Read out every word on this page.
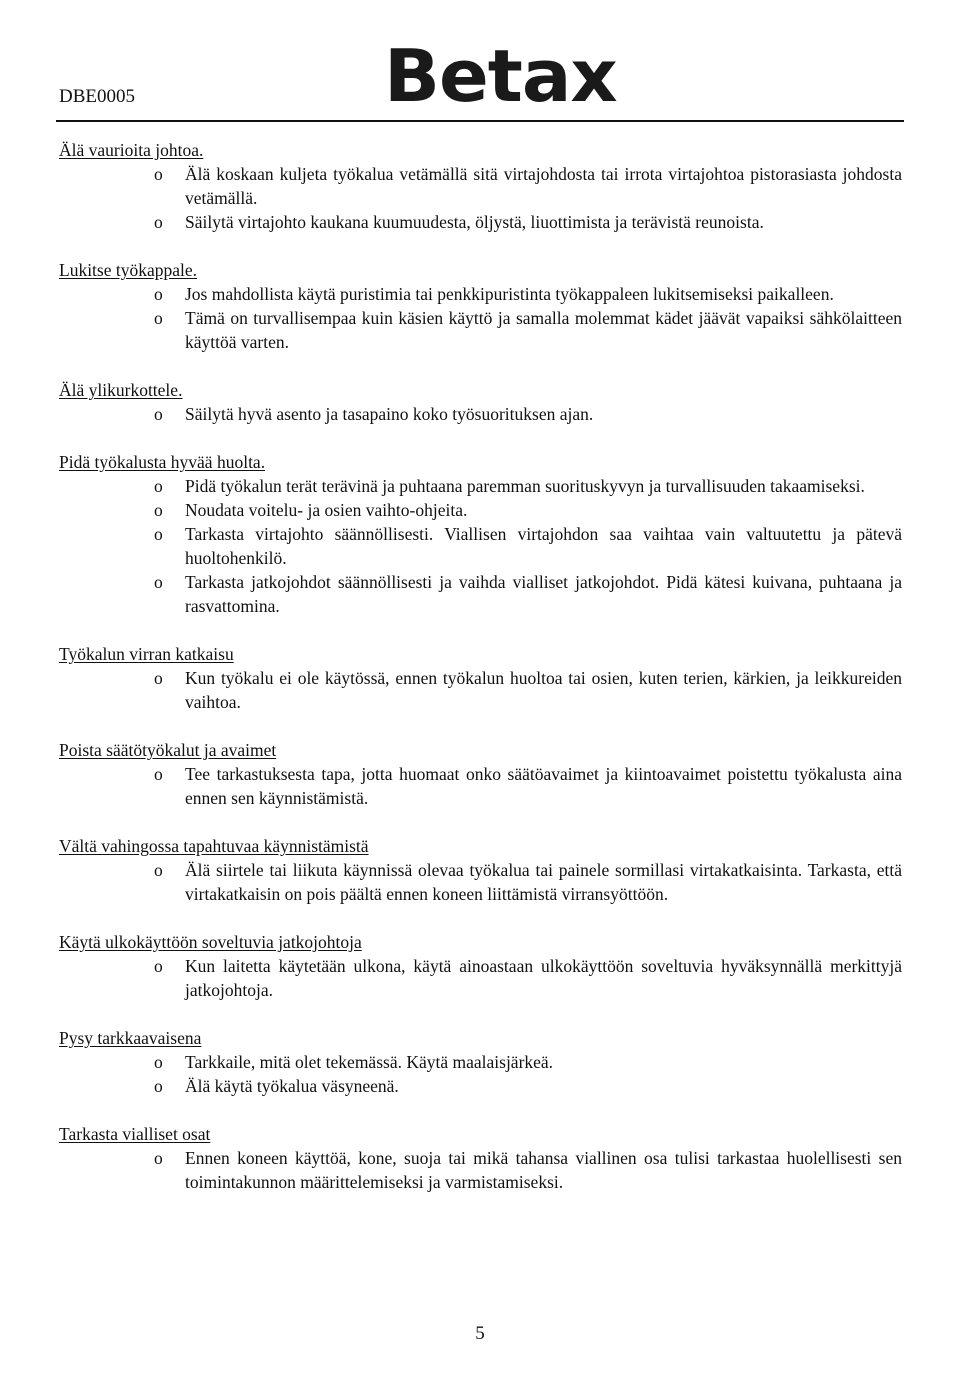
DBE0005	Betax
Älä vaurioita johtoa.
o Älä koskaan kuljeta työkalua vetämällä sitä virtajohdosta tai irrota virtajohtoa pistorasiasta johdosta vetämällä.
o Säilytä virtajohto kaukana kuumuudesta, öljystä, liuottimista ja terävistä reunoista.
Lukitse työkappale.
o Jos mahdollista käytä puristimia tai penkkipuristinta työkappaleen lukitsemiseksi paikalleen.
o Tämä on turvallisempaa kuin käsien käyttö ja samalla molemmat kädet jäävät vapaiksi sähkölaitteen käyttöä varten.
Älä ylikurkottele.
o Säilytä hyvä asento ja tasapaino koko työsuorituksen ajan.
Pidä työkalusta hyvää huolta.
o Pidä työkalun terät terävinä ja puhtaana paremman suorituskyvyn ja turvallisuuden takaamiseksi.
o Noudata voitelu- ja osien vaihto-ohjeita.
o Tarkasta virtajohto säännöllisesti. Viallisen virtajohdon saa vaihtaa vain valtuutettu ja pätevä huoltohenkilö.
o Tarkasta jatkojohdot säännöllisesti ja vaihda vialliset jatkojohdot. Pidä kätesi kuivana, puhtaana ja rasvattomina.
Työkalun virran katkaisu
o Kun työkalu ei ole käytössä, ennen työkalun huoltoa tai osien, kuten terien, kärkien, ja leikkureiden vaihtoa.
Poista säätötyökalut ja avaimet
o Tee tarkastuksesta tapa, jotta huomaat onko säätöavaimet ja kiintoavaimet poistettu työkalusta aina ennen sen käynnistämistä.
Vältä vahingossa tapahtuvaa käynnistämistä
o Älä siirtele tai liikuta käynnissä olevaa työkalua tai painele sormillasi virtakatkaisinta. Tarkasta, että virtakatkaisin on pois päältä ennen koneen liittämistä virransyöttöön.
Käytä ulkokäyttöön soveltuvia jatkojohtoja
o Kun laitetta käytetään ulkona, käytä ainoastaan ulkokäyttöön soveltuvia hyväksynnällä merkittyjä jatkojohtoja.
Pysy tarkkaavaisena
o Tarkkaile, mitä olet tekemässä. Käytä maalaisjärkeä.
o Älä käytä työkalua väsyneenä.
Tarkasta vialliset osat
o Ennen koneen käyttöä, kone, suoja tai mikä tahansa viallinen osa tulisi tarkastaa huolellisesti sen toimintakunnon määrittelemiseksi ja varmistamiseksi.
5
